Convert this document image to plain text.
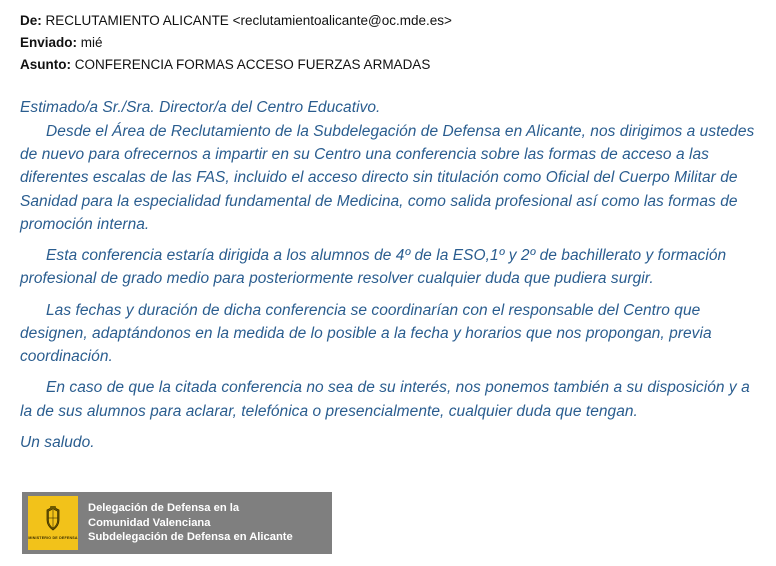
De: RECLUTAMIENTO ALICANTE <reclutamientoalicante@oc.mde.es>
Enviado: mié
Asunto: CONFERENCIA FORMAS ACCESO FUERZAS ARMADAS

Estimado/a Sr./Sra. Director/a del Centro Educativo.

Desde el Área de Reclutamiento de la Subdelegación de Defensa en Alicante, nos dirigimos a ustedes de nuevo para ofrecernos a impartir en su Centro una conferencia sobre las formas de acceso a las diferentes escalas de las FAS, incluido el acceso directo sin titulación como Oficial del Cuerpo Militar de Sanidad para la especialidad fundamental de Medicina, como salida profesional así como las formas de promoción interna.

Esta conferencia estaría dirigida a los alumnos de 4º de la ESO,1º y 2º de bachillerato y formación profesional de grado medio para posteriormente resolver cualquier duda que pudiera surgir.

Las fechas y duración de dicha conferencia se coordinarían con el responsable del Centro que designen, adaptándonos en la medida de lo posible a la fecha y horarios que nos propongan, previa coordinación.

En caso de que la citada conferencia no sea de su interés, nos ponemos también a su disposición y a la de sus alumnos para aclarar, telefónica o presencialmente, cualquier duda que tengan.

Un saludo.

MINISTERIO DE DEFENSA
Delegación de Defensa en la
Comunidad Valenciana
Subdelegación de Defensa en Alicante
